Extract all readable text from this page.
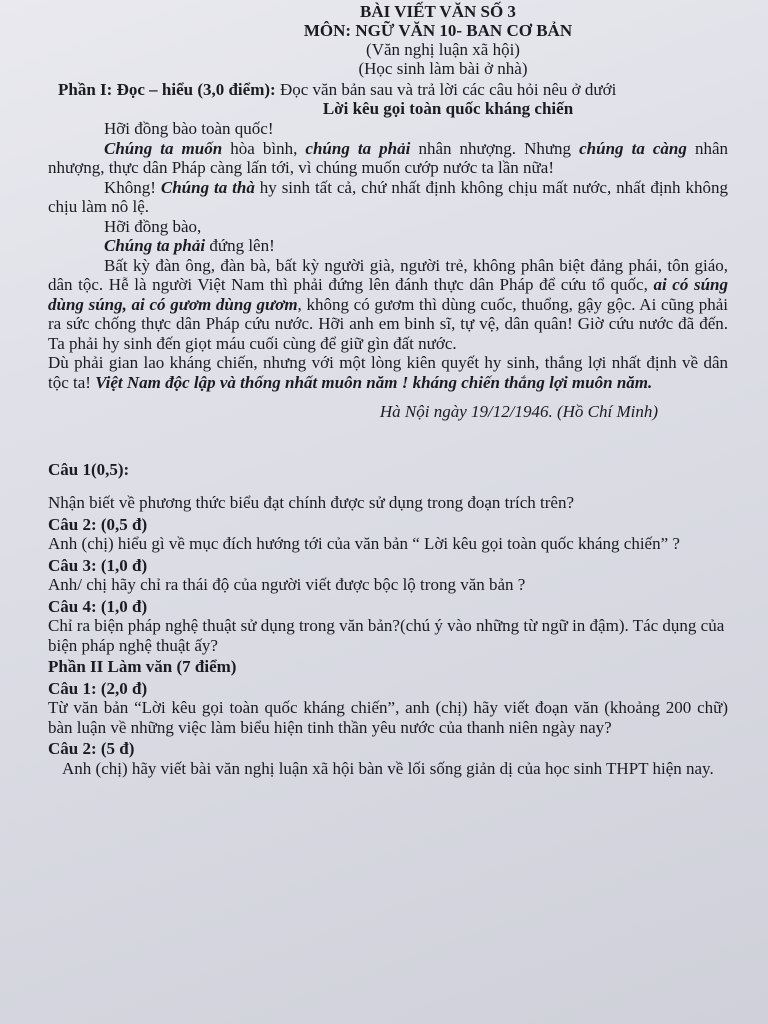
BÀI VIẾT VĂN SỐ 3
MÔN: NGỮ VĂN 10- BAN CƠ BẢN
(Văn nghị luận xã hội)
(Học sinh làm bài ở nhà)
Phần I: Đọc – hiểu (3,0 điểm): Đọc văn bản sau và trả lời các câu hỏi nêu ở dưới
Lời kêu gọi toàn quốc kháng chiến

Hỡi đồng bào toàn quốc!

Chúng ta muốn hòa bình, chúng ta phải nhân nhượng. Nhưng chúng ta càng nhân nhượng, thực dân Pháp càng lấn tới, vì chúng muốn cướp nước ta lần nữa!

Không! Chúng ta thà hy sinh tất cả, chứ nhất định không chịu mất nước, nhất định không chịu làm nô lệ.

Hỡi đồng bào,

Chúng ta phải đứng lên!

Bất kỳ đàn ông, đàn bà, bất kỳ người già, người trẻ, không phân biệt đảng phái, tôn giáo, dân tộc. Hễ là người Việt Nam thì phải đứng lên đánh thực dân Pháp để cứu tổ quốc, ai có súng dùng súng, ai có gươm dùng gươm, không có gươm thì dùng cuốc, thuổng, gậy gộc. Ai cũng phải ra sức chống thực dân Pháp cứu nước. Hỡi anh em binh sĩ, tự vệ, dân quân! Giờ cứu nước đã đến. Ta phải hy sinh đến giọt máu cuối cùng để giữ gìn đất nước.

Dù phải gian lao kháng chiến, nhưng với một lòng kiên quyết hy sinh, thắng lợi nhất định về dân tộc ta! Việt Nam độc lập và thống nhất muôn năm ! kháng chiến thắng lợi muôn năm.

Hà Nội ngày 19/12/1946. (Hồ Chí Minh)
Câu 1(0,5):

Nhận biết về phương thức biểu đạt chính được sử dụng trong đoạn trích trên?

Câu 2: (0,5 đ)

Anh (chị) hiểu gì về mục đích hướng tới của văn bản “ Lời kêu gọi toàn quốc kháng chiến” ?

Câu 3: (1,0 đ)

Anh/ chị hãy chỉ ra thái độ của người viết được bộc lộ trong văn bản ?

Câu 4: (1,0 đ)

Chỉ ra biện pháp nghệ thuật sử dụng trong văn bản?(chú ý vào những từ ngữ in đậm). Tác dụng của biện pháp nghệ thuật ấy?

Phần II Làm văn (7 điểm)
Câu 1: (2,0 đ)

Từ văn bản “Lời kêu gọi toàn quốc kháng chiến”, anh (chị) hãy viết đoạn văn (khoảng 200 chữ) bàn luận về những việc làm biểu hiện tinh thần yêu nước của thanh niên ngày nay?

Câu 2: (5 đ)

Anh (chị) hãy viết bài văn nghị luận xã hội bàn về lối sống giản dị của học sinh THPT hiện nay.
